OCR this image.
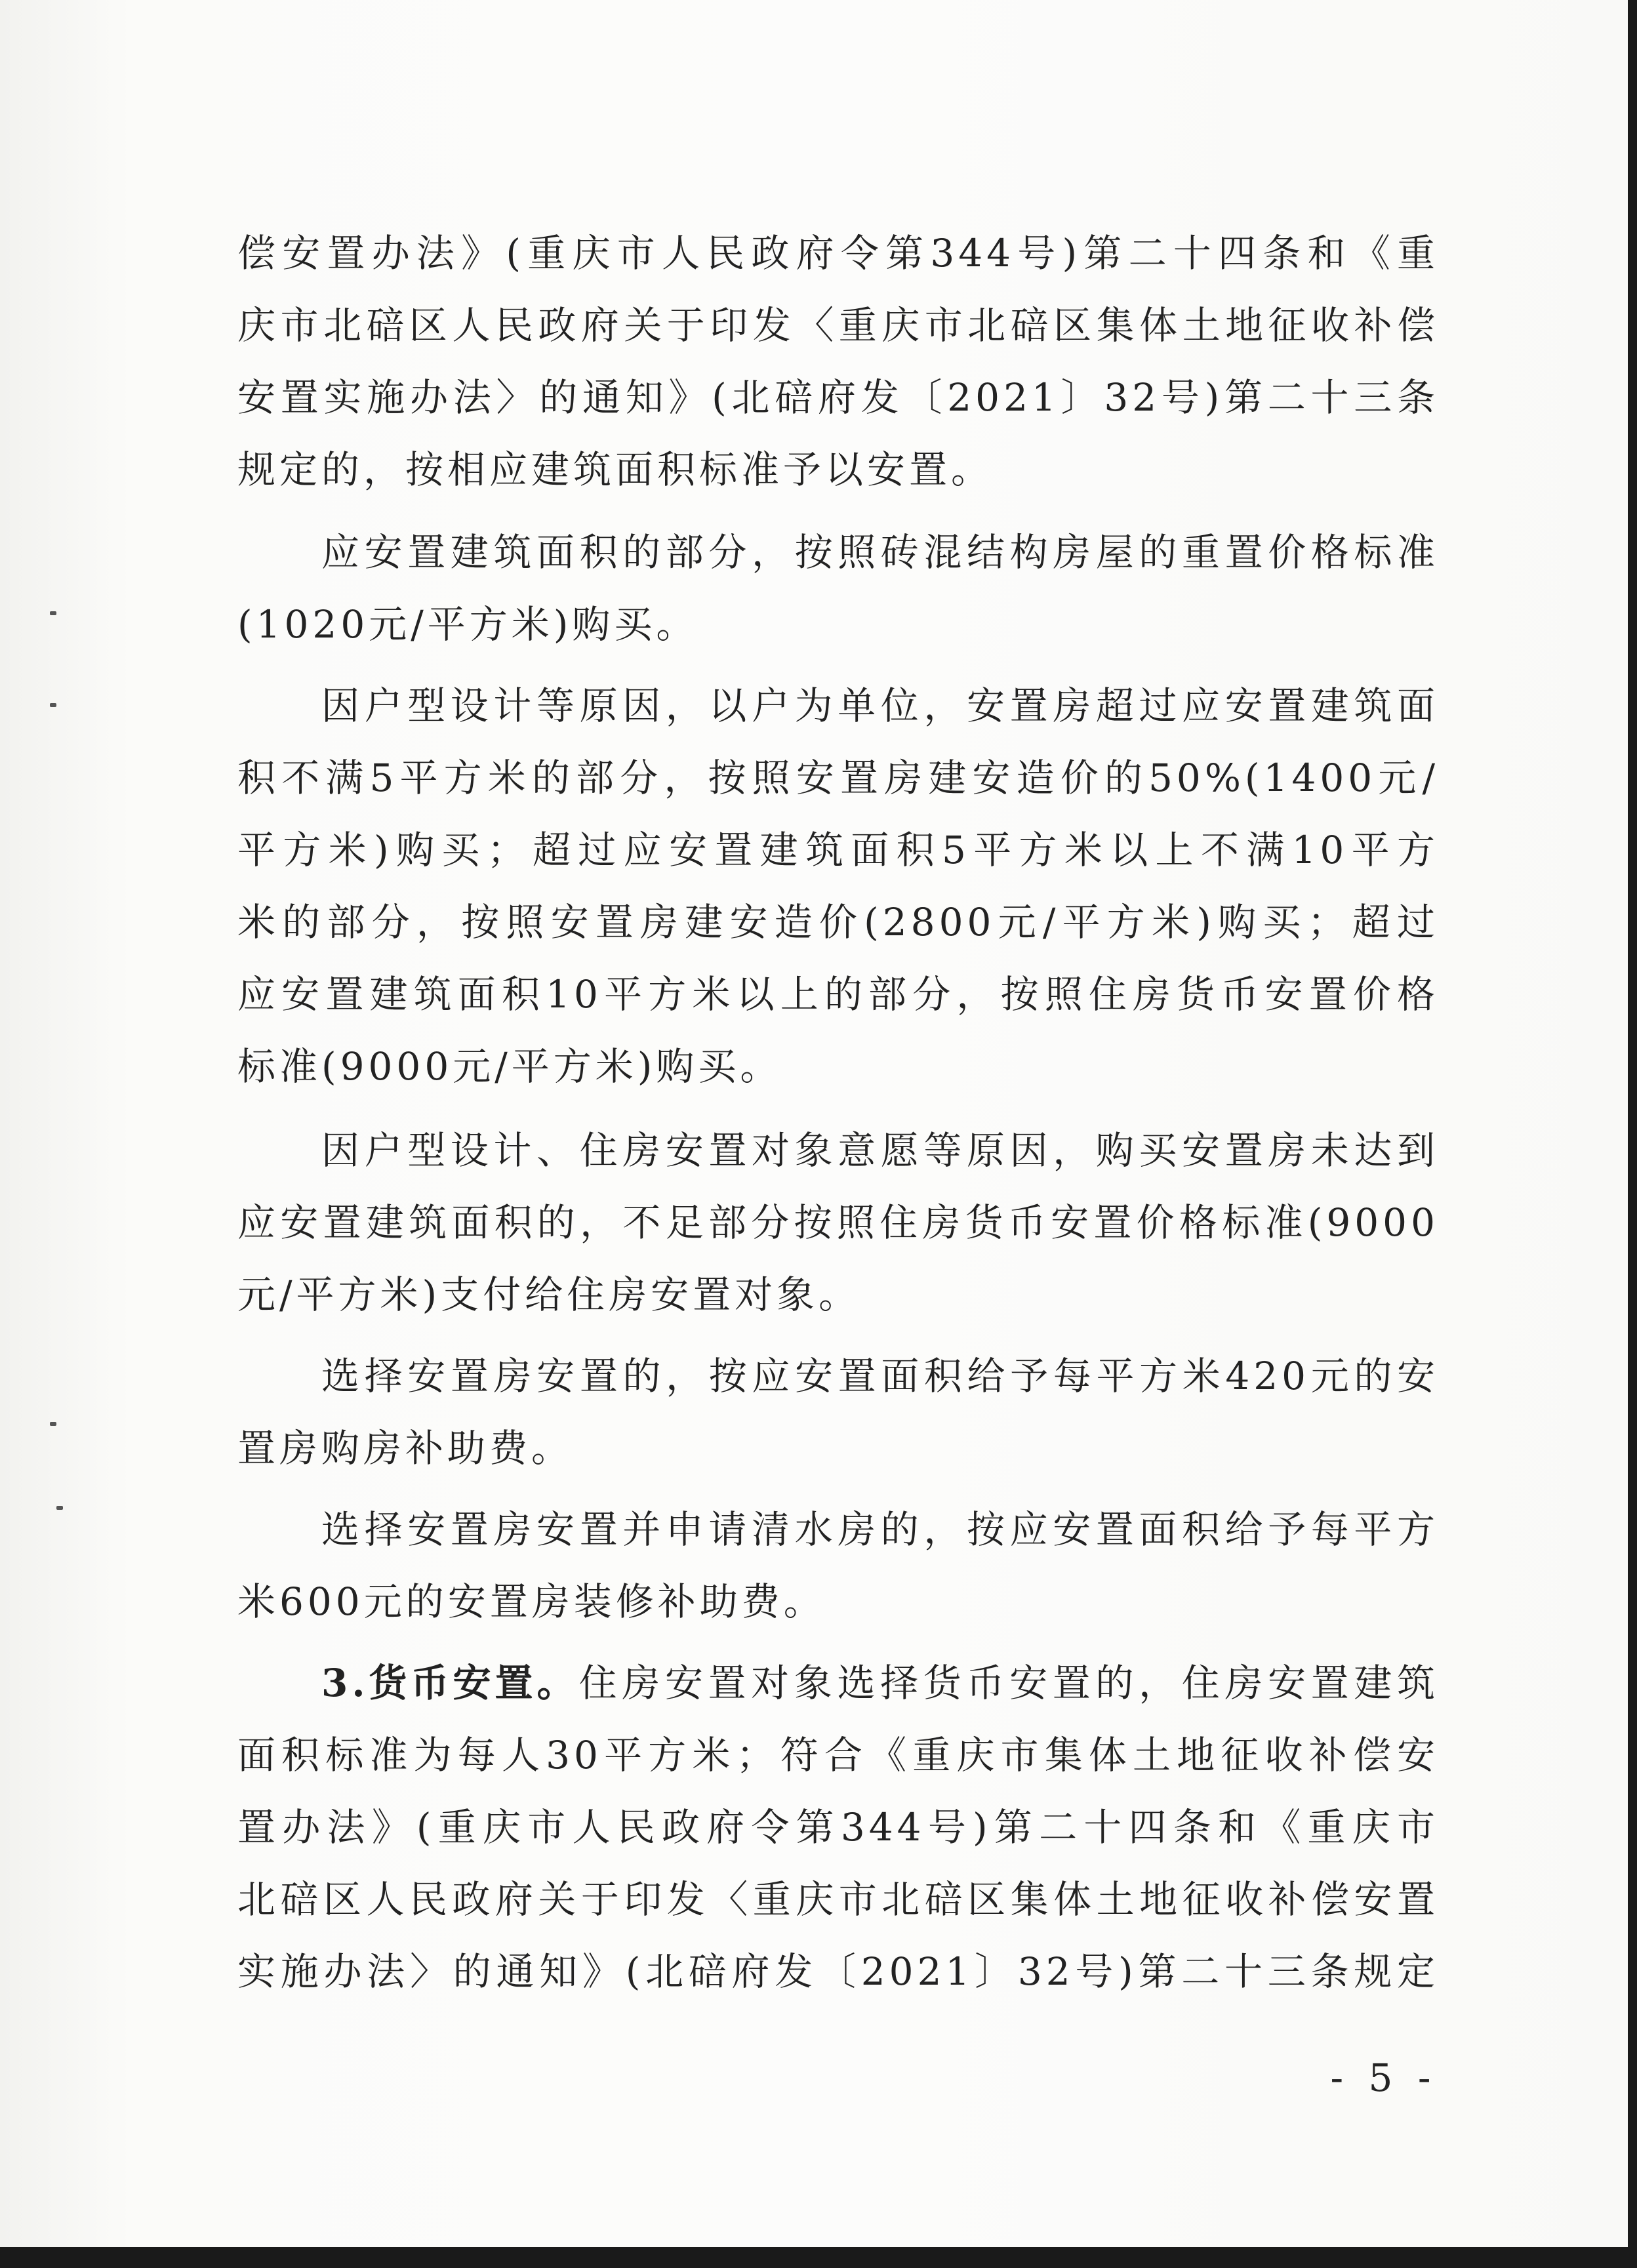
偿安置办法》(重庆市人民政府令第344号)第二十四条和《重
庆市北碚区人民政府关于印发〈重庆市北碚区集体土地征收补偿
安置实施办法〉的通知》(北碚府发〔2021〕32号)第二十三条
规定的，按相应建筑面积标准予以安置。
应安置建筑面积的部分，按照砖混结构房屋的重置价格标准
(1020元/平方米)购买。
因户型设计等原因，以户为单位，安置房超过应安置建筑面
积不满5平方米的部分，按照安置房建安造价的50%(1400元/
平方米)购买；超过应安置建筑面积5平方米以上不满10平方
米的部分，按照安置房建安造价(2800元/平方米)购买；超过
应安置建筑面积10平方米以上的部分，按照住房货币安置价格
标准(9000元/平方米)购买。
因户型设计、住房安置对象意愿等原因，购买安置房未达到
应安置建筑面积的，不足部分按照住房货币安置价格标准(9000
元/平方米)支付给住房安置对象。
选择安置房安置的，按应安置面积给予每平方米420元的安
置房购房补助费。
选择安置房安置并申请清水房的，按应安置面积给予每平方
米600元的安置房装修补助费。
3.货币安置。 住房安置对象选择货币安置的，住房安置建筑
面积标准为每人30平方米；符合《重庆市集体土地征收补偿安
置办法》(重庆市人民政府令第344号)第二十四条和《重庆市
北碚区人民政府关于印发〈重庆市北碚区集体土地征收补偿安置
实施办法〉的通知》(北碚府发〔2021〕32号)第二十三条规定
- 5 -
